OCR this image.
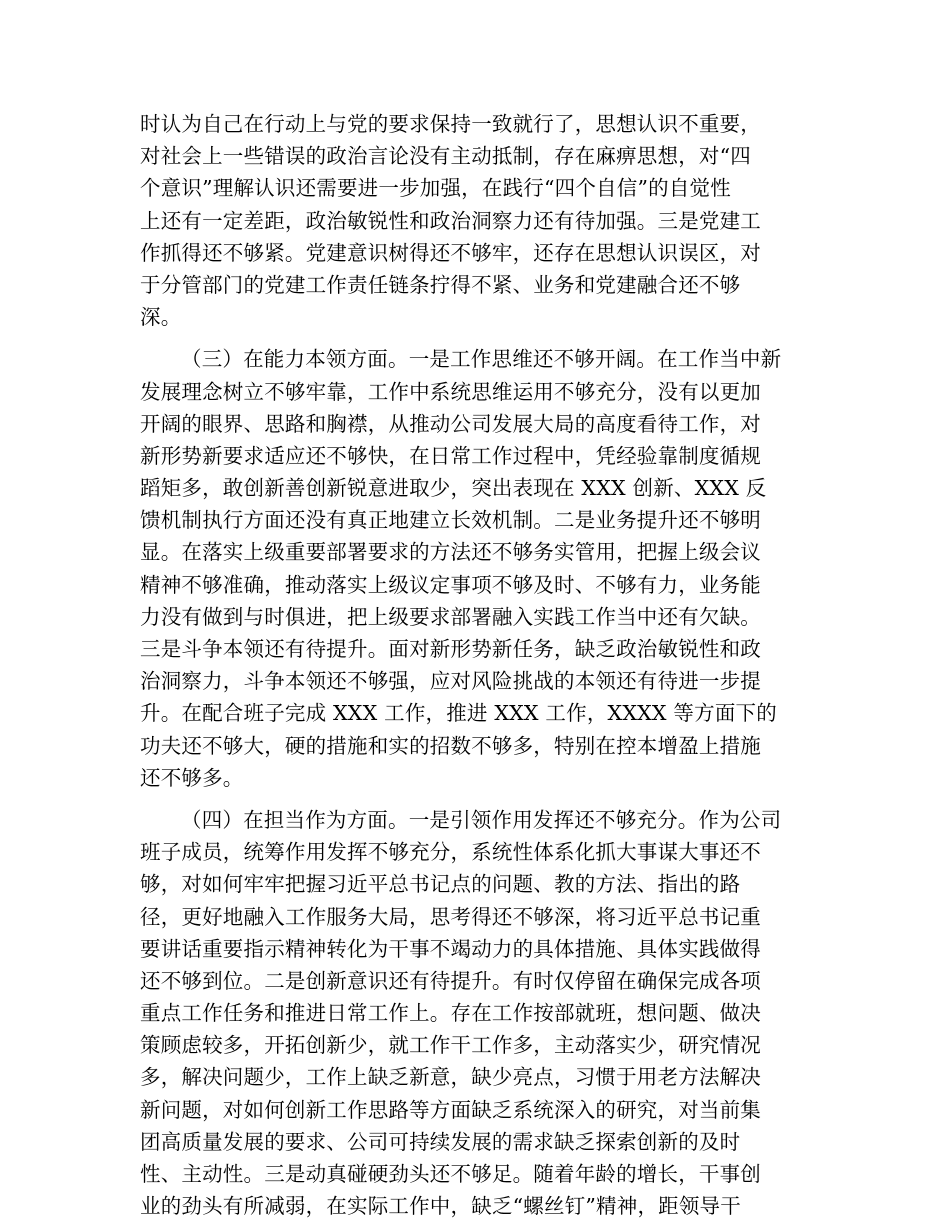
时认为自己在行动上与党的要求保持一致就行了，思想认识不重要，
对社会上一些错误的政治言论没有主动抵制，存在麻痹思想，对“四
个意识”理解认识还需要进一步加强，在践行“四个自信”的自觉性
上还有一定差距，政治敏锐性和政治洞察力还有待加强。三是党建工
作抓得还不够紧。党建意识树得还不够牢，还存在思想认识误区，对
于分管部门的党建工作责任链条拧得不紧、业务和党建融合还不够
深。
（三）在能力本领方面。一是工作思维还不够开阔。在工作当中新
发展理念树立不够牢靠，工作中系统思维运用不够充分，没有以更加
开阔的眼界、思路和胸襟，从推动公司发展大局的高度看待工作，对
新形势新要求适应还不够快，在日常工作过程中，凭经验靠制度循规
蹈矩多，敢创新善创新锐意进取少，突出表现在 XXX 创新、XXX 反
馈机制执行方面还没有真正地建立长效机制。二是业务提升还不够明
显。在落实上级重要部署要求的方法还不够务实管用，把握上级会议
精神不够准确，推动落实上级议定事项不够及时、不够有力，业务能
力没有做到与时俱进，把上级要求部署融入实践工作当中还有欠缺。
三是斗争本领还有待提升。面对新形势新任务，缺乏政治敏锐性和政
治洞察力，斗争本领还不够强，应对风险挑战的本领还有待进一步提
升。在配合班子完成 XXX 工作，推进 XXX 工作，XXXX 等方面下的
功夫还不够大，硬的措施和实的招数不够多，特别在控本增盈上措施
还不够多。
（四）在担当作为方面。一是引领作用发挥还不够充分。作为公司
班子成员，统筹作用发挥不够充分，系统性体系化抓大事谋大事还不
够，对如何牢牢把握习近平总书记点的问题、教的方法、指出的路
径，更好地融入工作服务大局，思考得还不够深，将习近平总书记重
要讲话重要指示精神转化为干事不竭动力的具体措施、具体实践做得
还不够到位。二是创新意识还有待提升。有时仅停留在确保完成各项
重点工作任务和推进日常工作上。存在工作按部就班，想问题、做决
策顾虑较多，开拓创新少，就工作干工作多，主动落实少，研究情况
多，解决问题少，工作上缺乏新意，缺少亮点，习惯于用老方法解决
新问题，对如何创新工作思路等方面缺乏系统深入的研究，对当前集
团高质量发展的要求、公司可持续发展的需求缺乏探索创新的及时
性、主动性。三是动真碰硬劲头还不够足。随着年龄的增长，干事创
业的劲头有所减弱，在实际工作中，缺乏“螺丝钉”精神，距领导干
